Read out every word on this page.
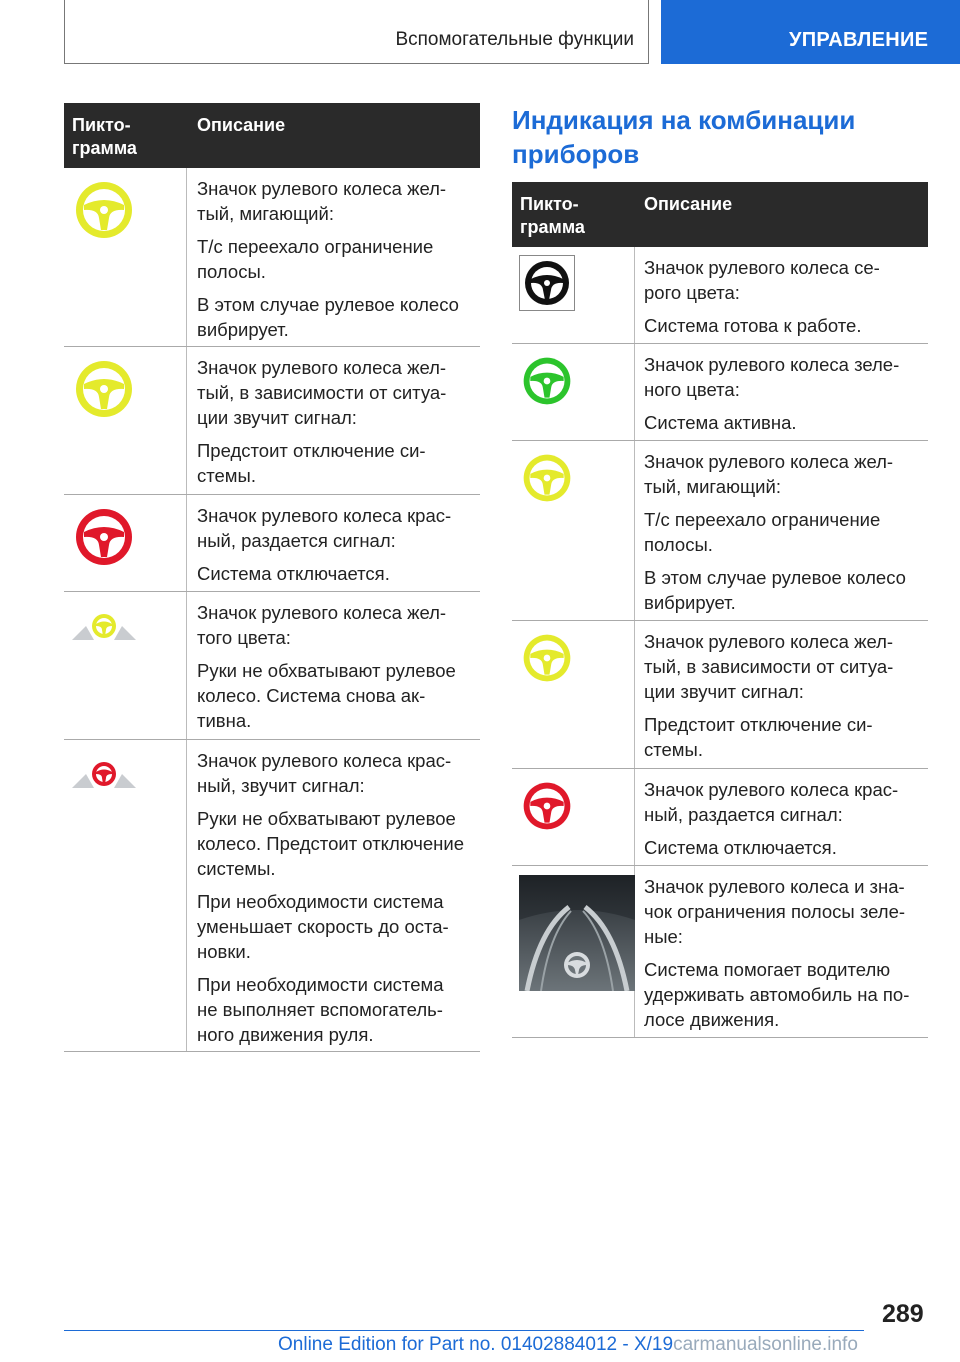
Вспомогательные функции	УПРАВЛЕНИЕ
Пикто-
грамма
Описание

Значок рулевого колеса жел-
тый, мигающий:

Т/с переехало ограничение
полосы.

В этом случае рулевое колесо
вибрирует.

Значок рулевого колеса жел-
тый, в зависимости от ситуа-
ции звучит сигнал:

Предстоит отключение си-
стемы.

Значок рулевого колеса крас-
ный, раздается сигнал:

Система отключается.

Значок рулевого колеса жел-
того цвета:

Руки не обхватывают рулевое
колесо. Система снова ак-
тивна.

Значок рулевого колеса крас-
ный, звучит сигнал:

Руки не обхватывают рулевое
колесо. Предстоит отключение
системы.

При необходимости система
уменьшает скорость до оста-
новки.

При необходимости система
не выполняет вспомогатель-
ного движения руля.

Индикация на комбинации
приборов
Пикто-
грамма
Описание

Значок рулевого колеса се-
рого цвета:

Система готова к работе.

Значок рулевого колеса зеле-
ного цвета:

Система активна.

Значок рулевого колеса жел-
тый, мигающий:

Т/с переехало ограничение
полосы.

В этом случае рулевое колесо
вибрирует.

Значок рулевого колеса жел-
тый, в зависимости от ситуа-
ции звучит сигнал:

Предстоит отключение си-
стемы.

Значок рулевого колеса крас-
ный, раздается сигнал:

Система отключается.

Значок рулевого колеса и зна-
чок ограничения полосы зеле-
ные:

Система помогает водителю
удерживать автомобиль на по-
лосе движения.

289
Online Edition for Part no. 01402884012 - X/19carmanualsonline.info
